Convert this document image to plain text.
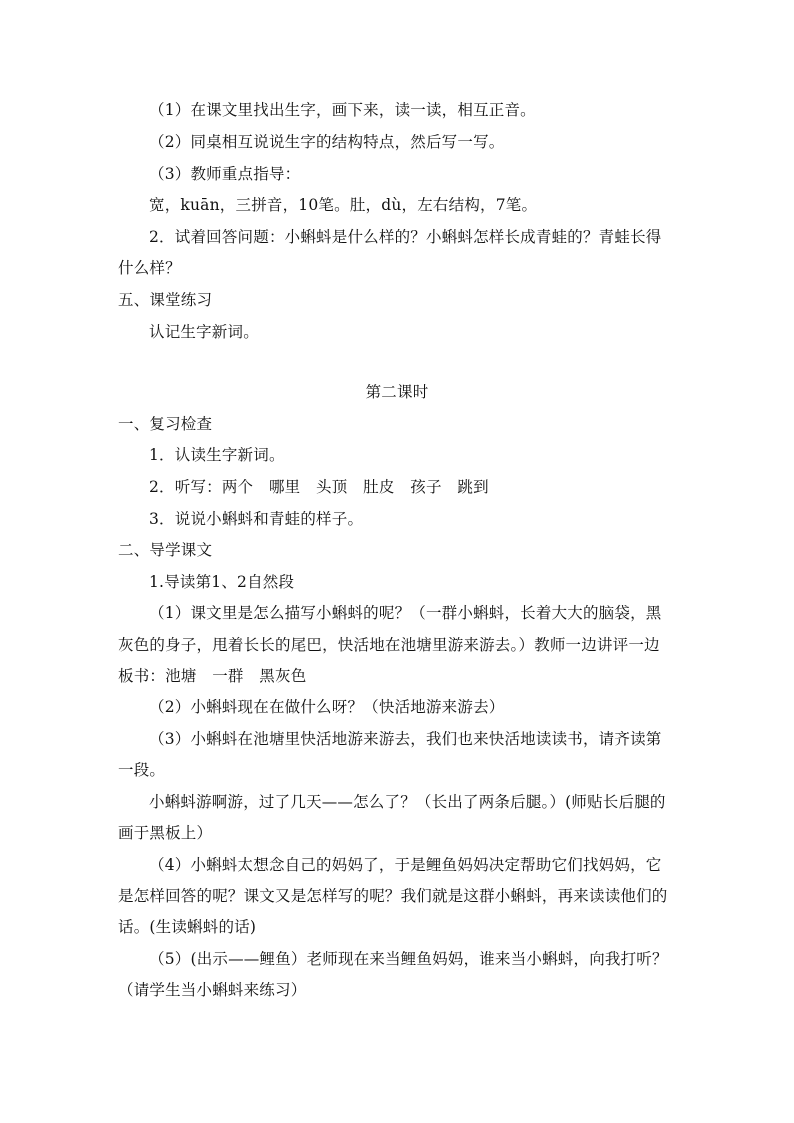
（1）在课文里找出生字，画下来，读一读，相互正音。
（2）同桌相互说说生字的结构特点，然后写一写。
（3）教师重点指导：
宽，kuān，三拼音，10笔。肚，dù，左右结构，7笔。
2．试着回答问题：小蝌蚪是什么样的？小蝌蚪怎样长成青蛙的？青蛙长得
什么样？
五、课堂练习
认记生字新词。
第二课时
一、复习检查
1．认读生字新词。
2．听写：两个　哪里　头顶　肚皮　孩子　跳到
3．说说小蝌蚪和青蛙的样子。
二、导学课文
1.导读第1、2自然段
（1）课文里是怎么描写小蝌蚪的呢？（一群小蝌蚪，长着大大的脑袋，黑
灰色的身子，甩着长长的尾巴，快活地在池塘里游来游去。）教师一边讲评一边
板书：池塘　一群　黑灰色
（2）小蝌蚪现在在做什么呀？（快活地游来游去）
（3）小蝌蚪在池塘里快活地游来游去，我们也来快活地读读书，请齐读第
一段。
小蝌蚪游啊游，过了几天——怎么了？（长出了两条后腿。）(师贴长后腿的
画于黑板上）
（4）小蝌蚪太想念自己的妈妈了，于是鲤鱼妈妈决定帮助它们找妈妈，它
是怎样回答的呢？课文又是怎样写的呢？我们就是这群小蝌蚪，再来读读他们的
话。(生读蝌蚪的话)
（5）(出示——鲤鱼）老师现在来当鲤鱼妈妈，谁来当小蝌蚪，向我打听？
（请学生当小蝌蚪来练习）
